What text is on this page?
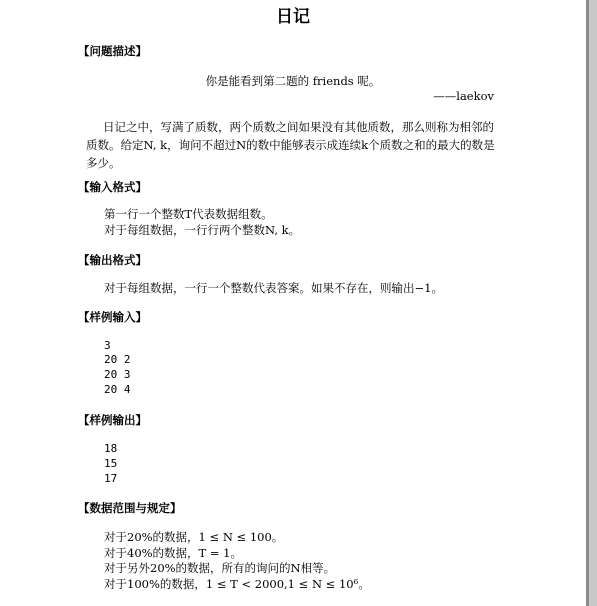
日记
【问题描述】
你是能看到第二题的 friends 呢。
——laekov
日记之中，写满了质数，两个质数之间如果没有其他质数，那么则称为相邻的质数。给定N, k，询问不超过N的数中能够表示成连续k个质数之和的最大的数是多少。
【输入格式】
第一行一个整数T代表数据组数。
对于每组数据，一行行两个整数N, k。
【输出格式】
对于每组数据，一行一个整数代表答案。如果不存在，则输出−1。
【样例输入】
3
20 2
20 3
20 4
【样例输出】
18
15
17
【数据范围与规定】
对于20%的数据，1 ≤ N ≤ 100。
对于40%的数据，T = 1。
对于另外20%的数据，所有的询问的N相等。
对于100%的数据，1 ≤ T < 2000,1 ≤ N ≤ 10⁶。
